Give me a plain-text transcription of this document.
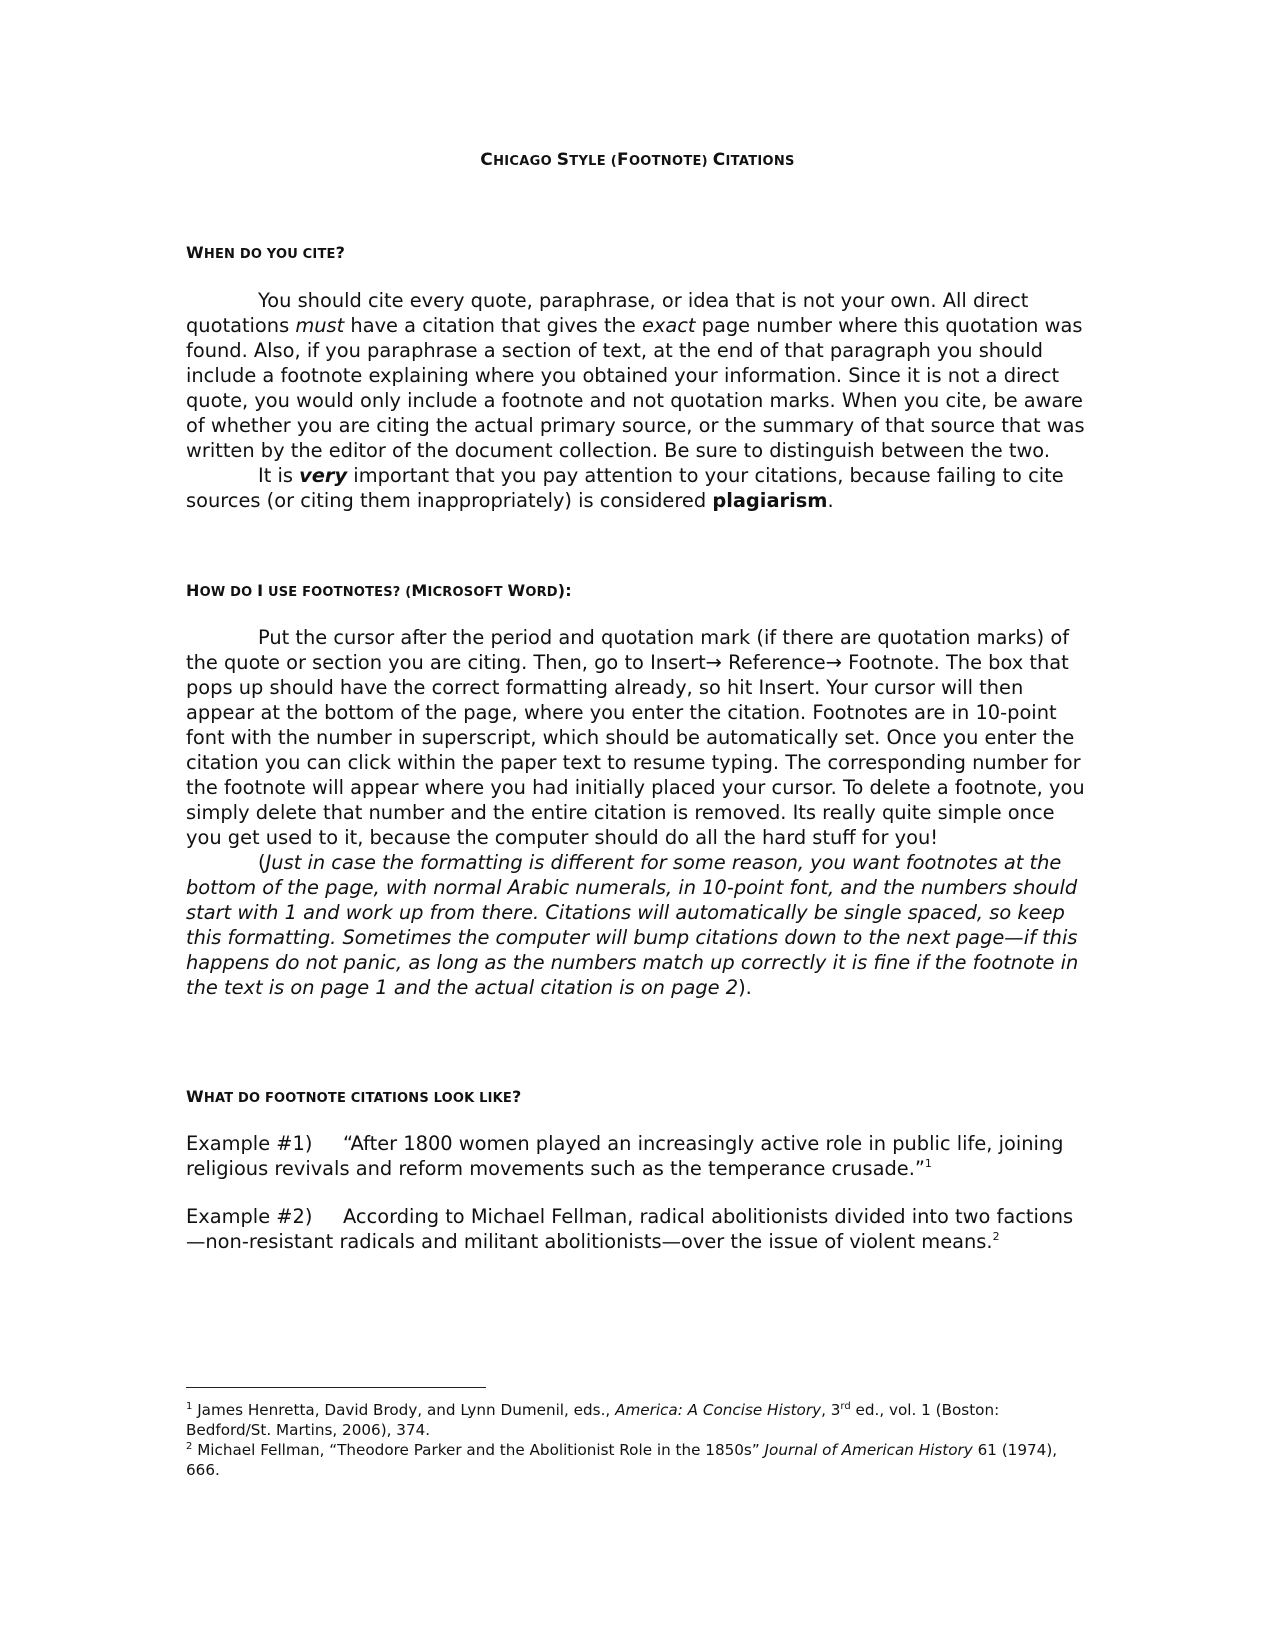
CHICAGO STYLE (FOOTNOTE) CITATIONS
WHEN DO YOU CITE?

You should cite every quote, paraphrase, or idea that is not your own. All direct quotations must have a citation that gives the exact page number where this quotation was found. Also, if you paraphrase a section of text, at the end of that paragraph you should include a footnote explaining where you obtained your information. Since it is not a direct quote, you would only include a footnote and not quotation marks. When you cite, be aware of whether you are citing the actual primary source, or the summary of that source that was written by the editor of the document collection. Be sure to distinguish between the two.

It is very important that you pay attention to your citations, because failing to cite sources (or citing them inappropriately) is considered plagiarism.

HOW DO I USE FOOTNOTES? (MICROSOFT WORD):

Put the cursor after the period and quotation mark (if there are quotation marks) of the quote or section you are citing. Then, go to Insert→ Reference→ Footnote. The box that pops up should have the correct formatting already, so hit Insert. Your cursor will then appear at the bottom of the page, where you enter the citation. Footnotes are in 10-point font with the number in superscript, which should be automatically set. Once you enter the citation you can click within the paper text to resume typing. The corresponding number for the footnote will appear where you had initially placed your cursor. To delete a footnote, you simply delete that number and the entire citation is removed. Its really quite simple once you get used to it, because the computer should do all the hard stuff for you!

(Just in case the formatting is different for some reason, you want footnotes at the bottom of the page, with normal Arabic numerals, in 10-point font, and the numbers should start with 1 and work up from there. Citations will automatically be single spaced, so keep this formatting. Sometimes the computer will bump citations down to the next page—if this happens do not panic, as long as the numbers match up correctly it is fine if the footnote in the text is on page 1 and the actual citation is on page 2).

WHAT DO FOOTNOTE CITATIONS LOOK LIKE?

Example #1) “After 1800 women played an increasingly active role in public life, joining religious revivals and reform movements such as the temperance crusade.”$^1$

Example #2) According to Michael Fellman, radical abolitionists divided into two factions—non-resistant radicals and militant abolitionists—over the issue of violent means.$^2$

$^1$ James Henretta, David Brody, and Lynn Dumenil, eds., America: A Concise History, 3rd ed., vol. 1 (Boston: Bedford/St. Martins, 2006), 374.

$^2$ Michael Fellman, “Theodore Parker and the Abolitionist Role in the 1850s” Journal of American History 61 (1974), 666.
